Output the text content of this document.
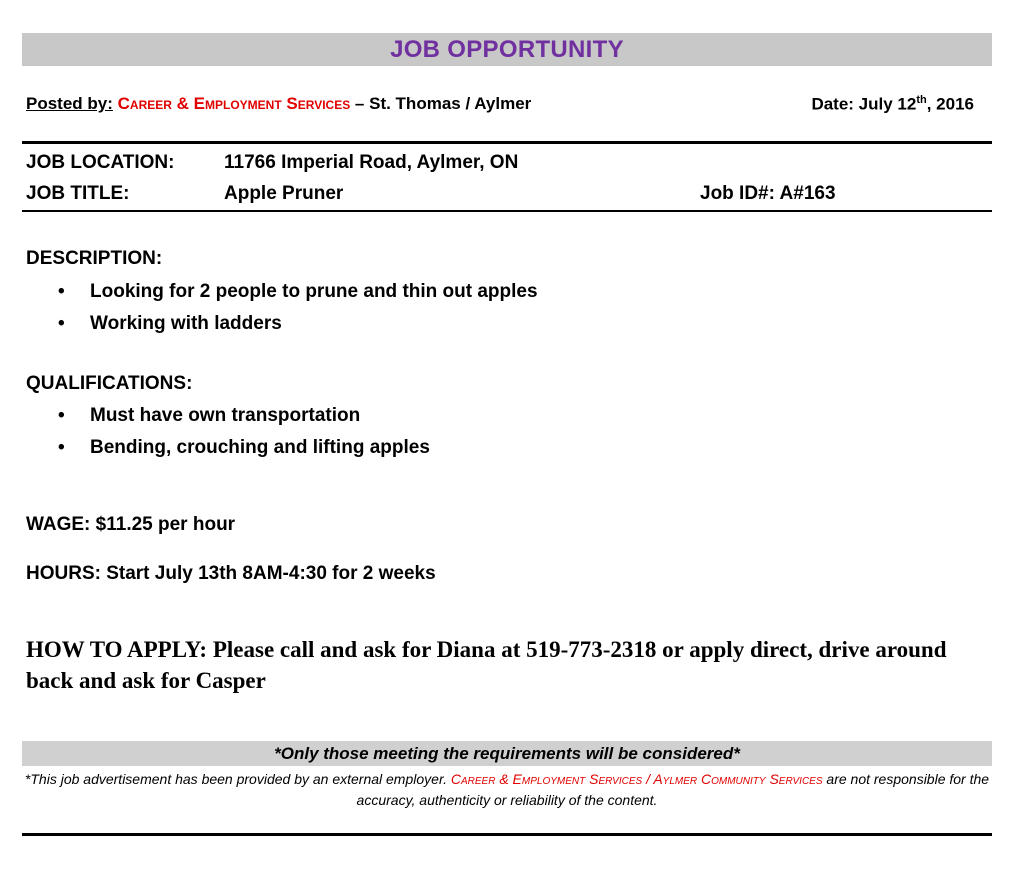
JOB OPPORTUNITY
Posted by: Career & Employment Services – St. Thomas / Aylmer	Date: July 12th, 2016
JOB LOCATION:	11766 Imperial Road, Aylmer, ON
JOB TITLE:	Apple Pruner	Job ID#: A#163
DESCRIPTION:
• Looking for 2 people to prune and thin out apples
• Working with ladders
QUALIFICATIONS:
• Must have own transportation
• Bending, crouching and lifting apples
WAGE: $11.25 per hour
HOURS: Start July 13th 8AM-4:30 for 2 weeks
HOW TO APPLY: Please call and ask for Diana at 519-773-2318 or apply direct, drive around back and ask for Casper
*Only those meeting the requirements will be considered*
*This job advertisement has been provided by an external employer. Career & Employment Services / Aylmer Community Services are not responsible for the accuracy, authenticity or reliability of the content.
